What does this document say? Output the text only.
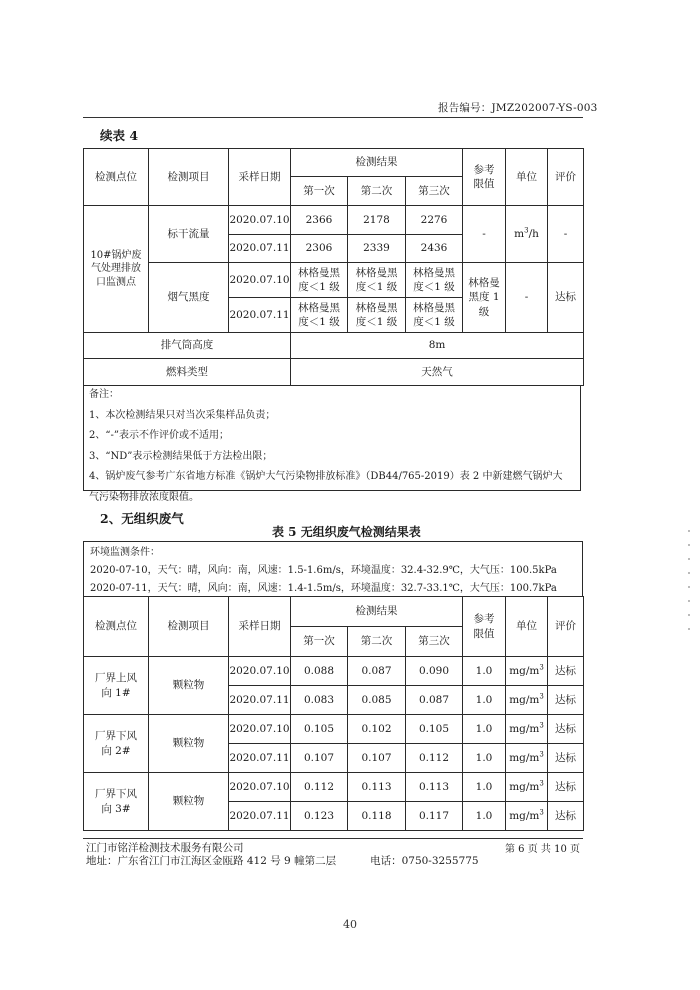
报告编号：JMZ202007-YS-003
续表 4
检测点位	检测项目	采样日期	检测结果			参考限值	单位	评价
			第一次	第二次	第三次			
10#锅炉废气处理排放口监测点	标干流量	2020.07.10	2366	2178	2276	-	$m^3/h$	-
		2020.07.11	2306	2339	2436			
	烟气黑度	2020.07.10	林格曼黑度＜1 级	林格曼黑度＜1 级	林格曼黑度＜1 级	林格曼黑度 1 级	-	达标
		2020.07.11	林格曼黑度＜1 级	林格曼黑度＜1 级	林格曼黑度＜1 级			
排气筒高度			8m					
燃料类型			天然气					
备注：
1、本次检测结果只对当次采集样品负责；
2、“-”表示不作评价或不适用；
3、“ND”表示检测结果低于方法检出限；
4、锅炉废气参考广东省地方标准《锅炉大气污染物排放标准》（DB44/765-2019）表 2 中新建燃气锅炉大
气污染物排放浓度限值。
2、无组织废气
表 5 无组织废气检测结果表
环境监测条件：
2020-07-10，天气：晴，风向：南，风速：1.5-1.6m/s，环境温度：32.4-32.9℃，大气压：100.5kPa
2020-07-11，天气：晴，风向：南，风速：1.4-1.5m/s，环境温度：32.7-33.1℃，大气压：100.7kPa
检测点位	检测项目	采样日期	检测结果			参考限值	单位	评价
			第一次	第二次	第三次			
厂界上风向 1#	颗粒物	2020.07.10	0.088	0.087	0.090	1.0	$mg/m^3$	达标
		2020.07.11	0.083	0.085	0.087	1.0	$mg/m^3$	达标
厂界下风向 2#	颗粒物	2020.07.10	0.105	0.102	0.105	1.0	$mg/m^3$	达标
		2020.07.11	0.107	0.107	0.112	1.0	$mg/m^3$	达标
厂界下风向 3#	颗粒物	2020.07.10	0.112	0.113	0.113	1.0	$mg/m^3$	达标
		2020.07.11	0.123	0.118	0.117	1.0	$mg/m^3$	达标
江门市铭洋检测技术服务有限公司	第 6 页 共 10 页
地址：广东省江门市江海区金瓯路 412 号 9 幢第二层	电话：0750-3255775
40
